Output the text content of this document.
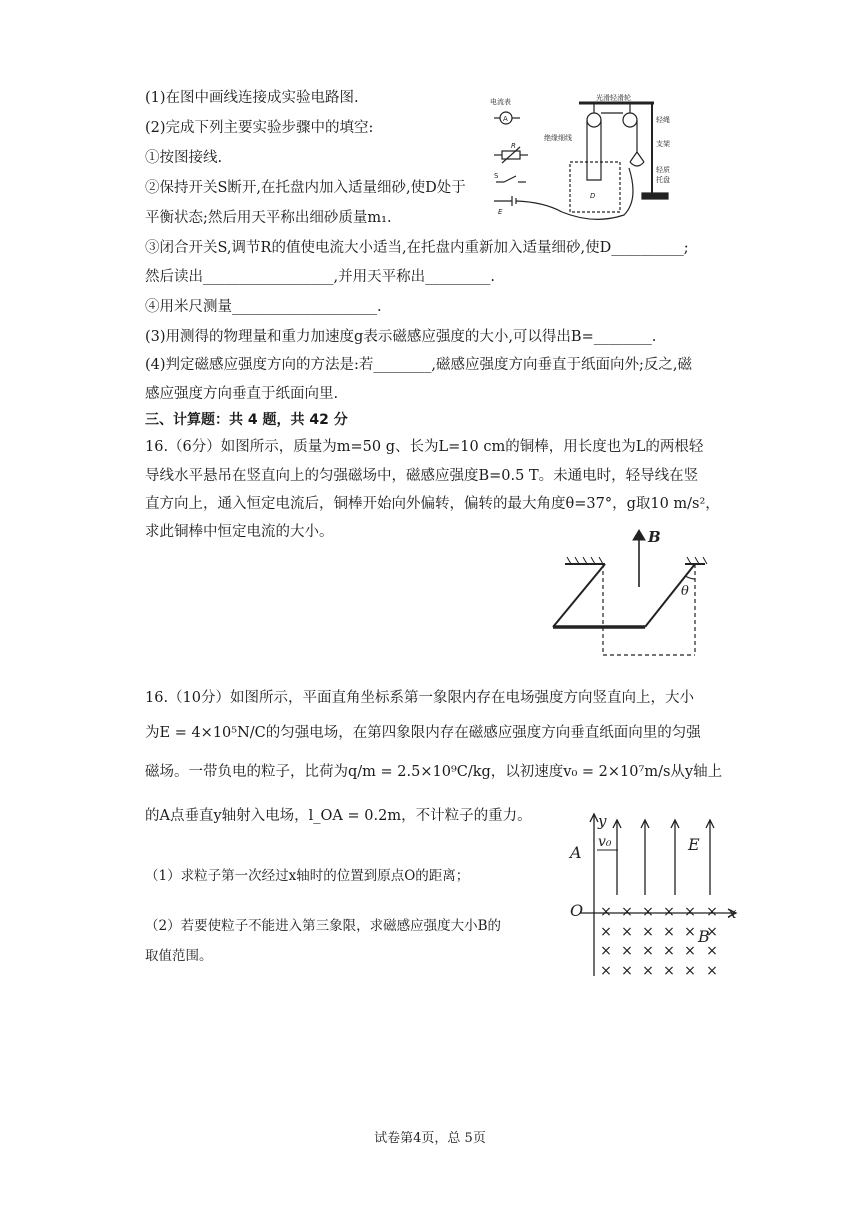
(1)在图中画线连接成实验电路图.
(2)完成下列主要实验步骤中的填空:
①按图接线.
②保持开关S断开,在托盘内加入适量细砂,使D处于
平衡状态;然后用天平称出细砂质量m₁.
③闭合开关S,调节R的值使电流大小适当,在托盘内重新加入适量细砂,使D__________;
然后读出__________________,并用天平称出_________.
④用米尺测量____________________.
(3)用测得的物理量和重力加速度g表示磁感应强度的大小,可以得出B=________.
(4)判定磁感应强度方向的方法是:若________,磁感应强度方向垂直于纸面向外;反之,磁
感应强度方向垂直于纸面向里.
电流表
A
R
S
E
光滑轻滑轮
绝缘细线
轻绳
支架
轻质
托盘
D
三、计算题：共 4 题，共 42 分
16.（6分）如图所示，质量为m=50 g、长为L=10 cm的铜棒，用长度也为L的两根轻
导线水平悬吊在竖直向上的匀强磁场中，磁感应强度B=0.5 T。未通电时，轻导线在竖
直方向上，通入恒定电流后，铜棒开始向外偏转，偏转的最大角度θ=37°，g取10 m/s²，
求此铜棒中恒定电流的大小。	B
θ
16.（10分）如图所示，平面直角坐标系第一象限内存在电场强度方向竖直向上，大小
为E = 4×10⁵N/C的匀强电场，在第四象限内存在磁感应强度方向垂直纸面向里的匀强
磁场。一带负电的粒子，比荷为q/m = 2.5×10⁹C/kg，以初速度v₀ = 2×10⁷m/s从y轴上
的A点垂直y轴射入电场，l_OA = 0.2m，不计粒子的重力。
（1）求粒子第一次经过x轴时的位置到原点O的距离；
（2）若要使粒子不能进入第三象限，求磁感应强度大小B的
取值范围。
× × × × × ×
× × × × × ×
× × × × × ×
× × × × × ×
y
x
O
A
v₀	E
B
试卷第4页，总 5页
